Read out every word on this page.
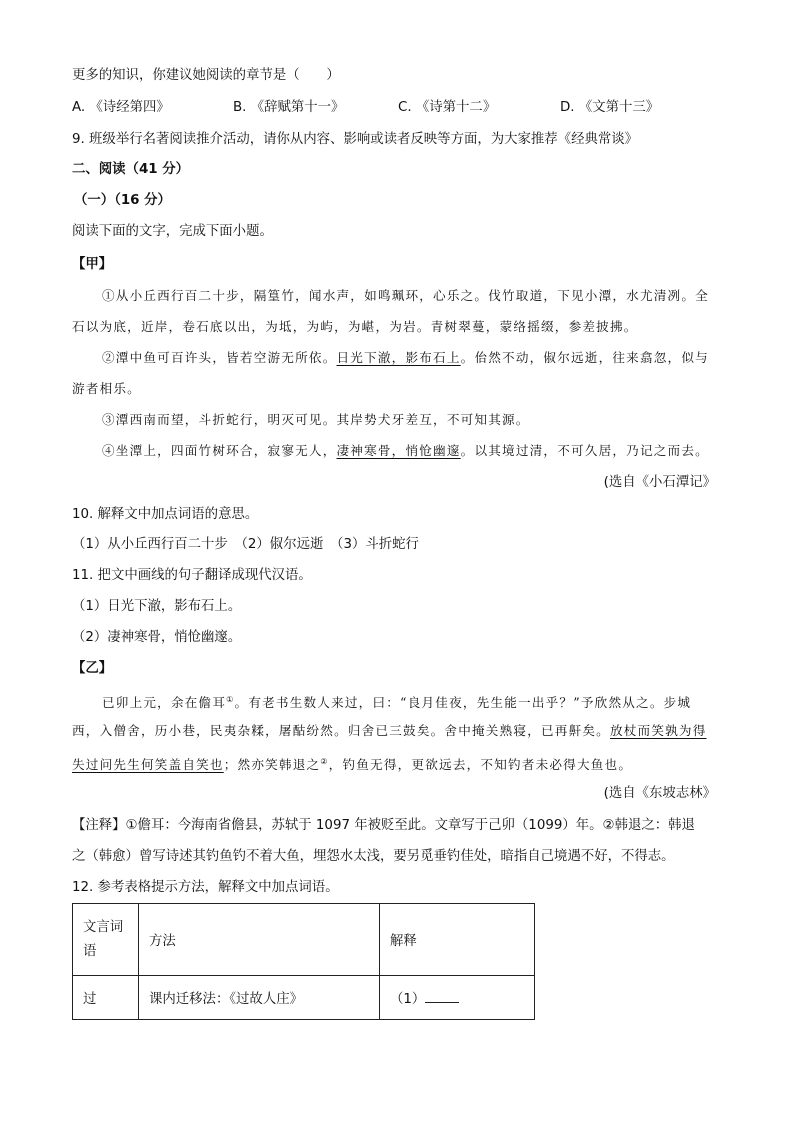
更多的知识，你建议她阅读的章节是（　　）
A. 《诗经第四》	B. 《辞赋第十一》	C. 《诗第十二》	D. 《文第十三》
9. 班级举行名著阅读推介活动，请你从内容、影响或读者反映等方面，为大家推荐《经典常谈》
二、阅读（41 分）
（一）（16 分）
阅读下面的文字，完成下面小题。
【甲】
①从小丘西行百二十步，隔篁竹，闻水声，如鸣珮环，心乐之。伐竹取道，下见小潭，水尤清冽。全
石以为底，近岸，卷石底以出，为坻，为屿，为嵁，为岩。青树翠蔓，蒙络摇缀，参差披拂。
②潭中鱼可百许头，皆若空游无所依。日光下澈，影布石上。佁然不动，俶尔远逝，往来翕忽，似与
游者相乐。
③潭西南而望，斗折蛇行，明灭可见。其岸势犬牙差互，不可知其源。
④坐潭上，四面竹树环合，寂寥无人，凄神寒骨，悄怆幽邃。以其境过清，不可久居，乃记之而去。
(选自《小石潭记》
10. 解释文中加点词语的意思。
（1）从小丘西行百二十步　（2）俶尔远逝　（3）斗折蛇行
11. 把文中画线的句子翻译成现代汉语。
（1）日光下澈，影布石上。
（2）凄神寒骨，悄怆幽邃。
【乙】
已卯上元，余在儋耳①。有老书生数人来过，曰：“良月佳夜，先生能一出乎？”予欣然从之。步城
西，入僧舍，历小巷，民夷杂糅，屠酤纷然。归舍已三鼓矣。舍中掩关熟寝，已再鼾矣。放杖而笑孰为得
失过问先生何笑盖自笑也；然亦笑韩退之②，钓鱼无得，更欲远去，不知钓者未必得大鱼也。
(选自《东坡志林》
【注释】①儋耳：今海南省儋县，苏轼于 1097 年被贬至此。文章写于己卯（1099）年。②韩退之：韩退
之（韩愈）曾写诗述其钓鱼钓不着大鱼，埋怨水太浅，要另觅垂钓佳处，暗指自己境遇不好，不得志。
12. 参考表格提示方法，解释文中加点词语。
文言词语	方法	解释
过	课内迁移法：《过故人庄》	（1）
